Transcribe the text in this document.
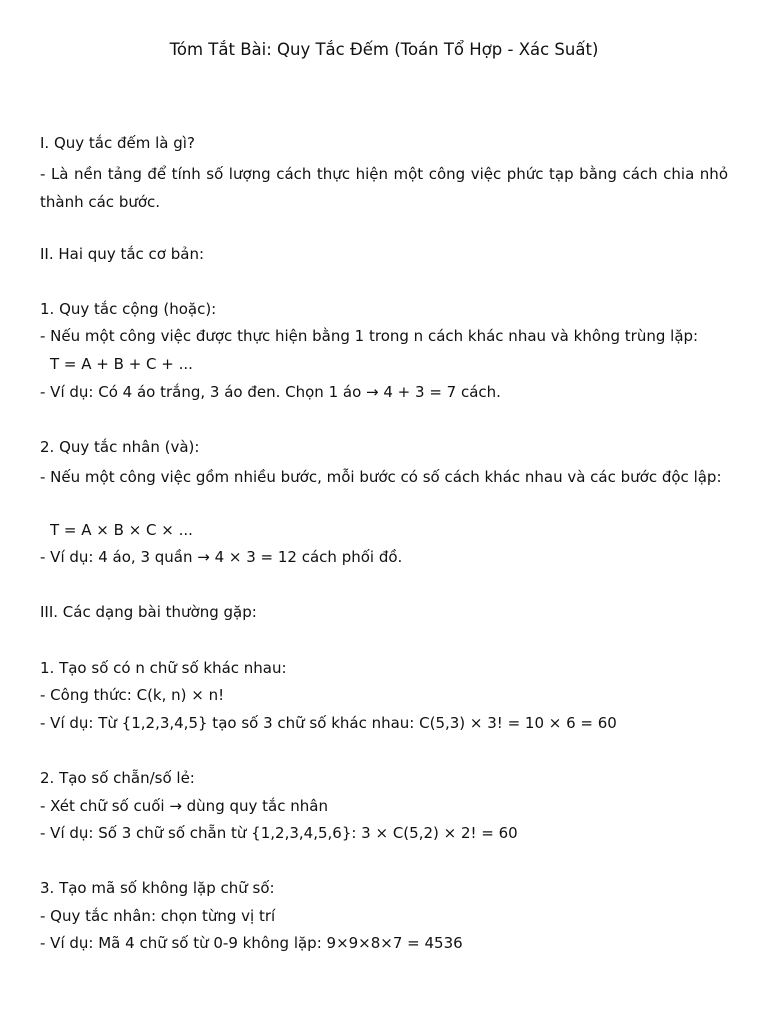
Tóm Tắt Bài: Quy Tắc Đếm (Toán Tổ Hợp - Xác Suất)
I. Quy tắc đếm là gì?
- Là nền tảng để tính số lượng cách thực hiện một công việc phức tạp bằng cách chia nhỏ thành các bước.
II. Hai quy tắc cơ bản:
1. Quy tắc cộng (hoặc):
- Nếu một công việc được thực hiện bằng 1 trong n cách khác nhau và không trùng lặp:
T = A + B + C + ...
- Ví dụ: Có 4 áo trắng, 3 áo đen. Chọn 1 áo → 4 + 3 = 7 cách.
2. Quy tắc nhân (và):
- Nếu một công việc gồm nhiều bước, mỗi bước có số cách khác nhau và các bước độc lập:
T = A × B × C × ...
- Ví dụ: 4 áo, 3 quần → 4 × 3 = 12 cách phối đồ.
III. Các dạng bài thường gặp:
1. Tạo số có n chữ số khác nhau:
- Công thức: C(k, n) × n!
- Ví dụ: Từ {1,2,3,4,5} tạo số 3 chữ số khác nhau: C(5,3) × 3! = 10 × 6 = 60
2. Tạo số chẵn/số lẻ:
- Xét chữ số cuối → dùng quy tắc nhân
- Ví dụ: Số 3 chữ số chẵn từ {1,2,3,4,5,6}: 3 × C(5,2) × 2! = 60
3. Tạo mã số không lặp chữ số:
- Quy tắc nhân: chọn từng vị trí
- Ví dụ: Mã 4 chữ số từ 0-9 không lặp: 9×9×8×7 = 4536
